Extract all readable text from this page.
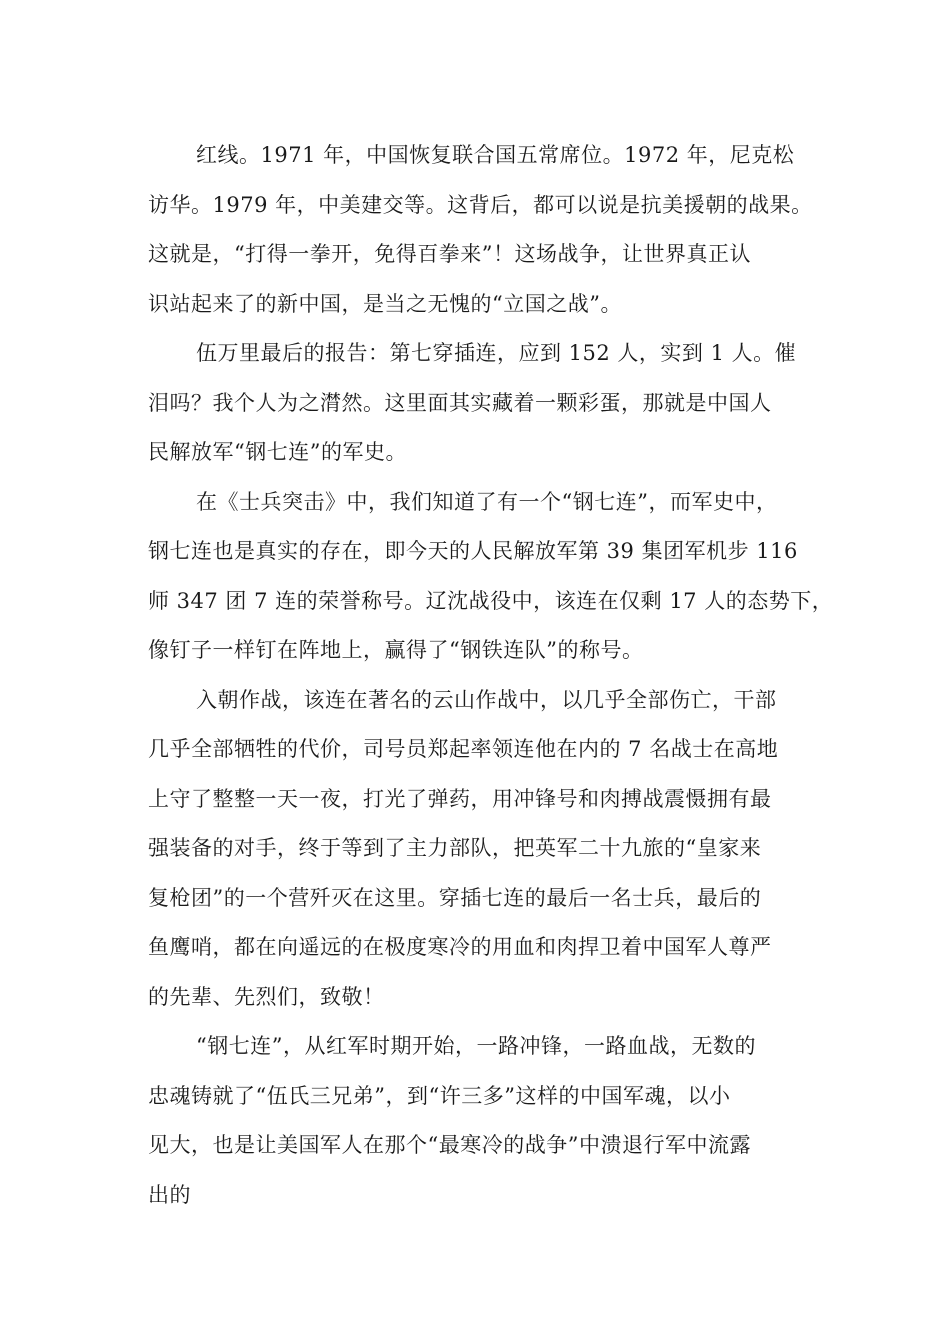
红线。1971 年，中国恢复联合国五常席位。1972 年，尼克松
访华。1979 年，中美建交等。这背后，都可以说是抗美援朝的战果。
这就是，“打得一拳开，免得百拳来”！这场战争，让世界真正认
识站起来了的新中国，是当之无愧的“立国之战”。
伍万里最后的报告：第七穿插连，应到 152 人，实到 1 人。催
泪吗？我个人为之潸然。这里面其实藏着一颗彩蛋，那就是中国人
民解放军“钢七连”的军史。
在《士兵突击》中，我们知道了有一个“钢七连”，而军史中，
钢七连也是真实的存在，即今天的人民解放军第 39 集团军机步 116
师 347 团 7 连的荣誉称号。辽沈战役中，该连在仅剩 17 人的态势下，
像钉子一样钉在阵地上，赢得了“钢铁连队”的称号。
入朝作战，该连在著名的云山作战中，以几乎全部伤亡，干部
几乎全部牺牲的代价，司号员郑起率领连他在内的 7 名战士在高地
上守了整整一天一夜，打光了弹药，用冲锋号和肉搏战震慑拥有最
强装备的对手，终于等到了主力部队，把英军二十九旅的“皇家来
复枪团”的一个营歼灭在这里。穿插七连的最后一名士兵，最后的
鱼鹰哨，都在向遥远的在极度寒冷的用血和肉捍卫着中国军人尊严
的先辈、先烈们，致敬！
“钢七连”，从红军时期开始，一路冲锋，一路血战，无数的
忠魂铸就了“伍氏三兄弟”，到“许三多”这样的中国军魂，以小
见大，也是让美国军人在那个“最寒冷的战争”中溃退行军中流露
出的
